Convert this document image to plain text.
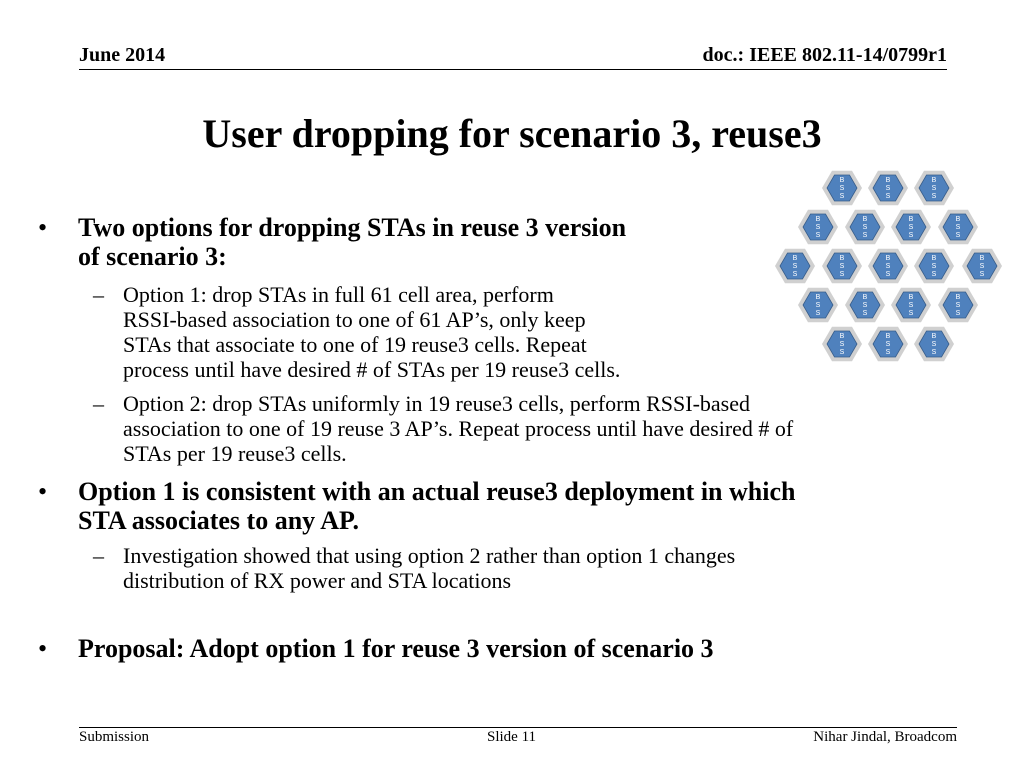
June 2014	doc.: IEEE 802.11-14/0799r1
User dropping for scenario 3, reuse3
• Two options for dropping STAs in reuse 3 version
of scenario 3:
– Option 1: drop STAs in full 61 cell area, perform
RSSI-based association to one of 61 AP’s, only keep
STAs that associate to one of 19 reuse3 cells. Repeat
process until have desired # of STAs per 19 reuse3 cells.
– Option 2: drop STAs uniformly in 19 reuse3 cells, perform RSSI-based
association to one of 19 reuse 3 AP’s. Repeat process until have desired # of
STAs per 19 reuse3 cells.
• Option 1 is consistent with an actual reuse3 deployment in which
STA associates to any AP.
– Investigation showed that using option 2 rather than option 1 changes
distribution of RX power and STA locations
• Proposal: Adopt option 1 for reuse 3 version of scenario 3
B
S
S
B
S
S
B
S
S
B
S
S
B
S
S
B
S
S
B
S
S
B
S
S
B
S
S
B
S
S
B
S
S
B
S
S
B
S
S
B
S
S
B
S
S
B
S
S
B
S
S
B
S
S
B
S
S
Submission	Slide 11	Nihar Jindal, Broadcom
